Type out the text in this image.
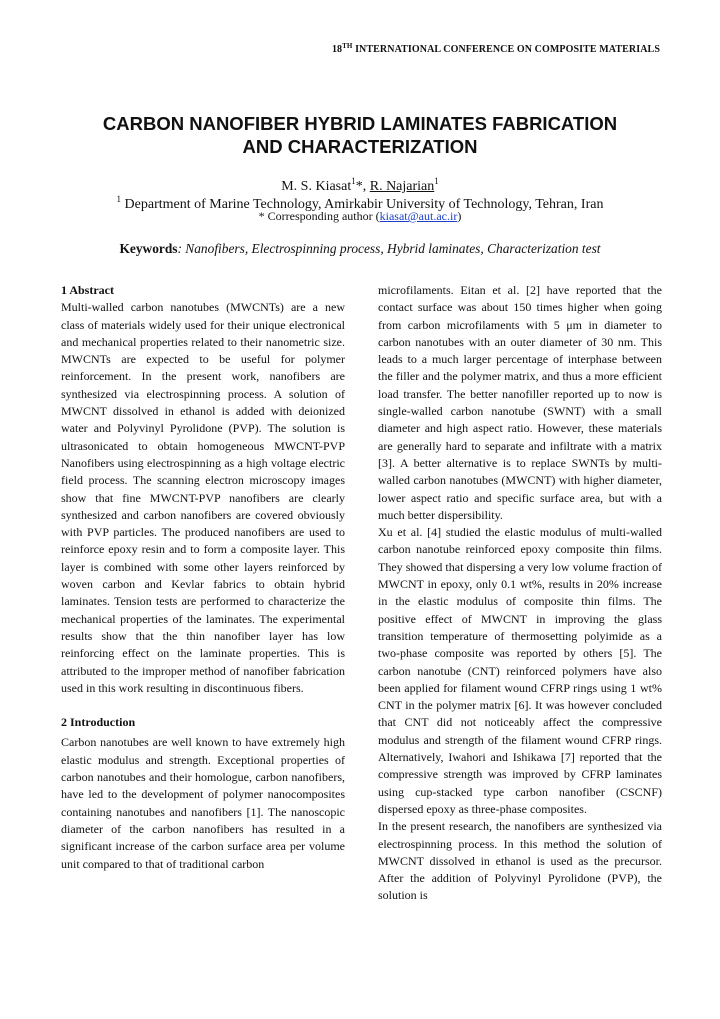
18TH INTERNATIONAL CONFERENCE ON COMPOSITE MATERIALS
CARBON NANOFIBER HYBRID LAMINATES FABRICATION
AND CHARACTERIZATION
M. S. Kiasat$^1$*, R. Najarian$^1$
$^1$ Department of Marine Technology, Amirkabir University of Technology, Tehran, Iran
* Corresponding author (kiasat@aut.ac.ir)
Keywords: Nanofibers, Electrospinning process, Hybrid laminates, Characterization test
1 Abstract

Multi-walled carbon nanotubes (MWCNTs) are a new class of materials widely used for their unique electronical and mechanical properties related to their nanometric size. MWCNTs are expected to be useful for polymer reinforcement. In the present work, nanofibers are synthesized via electrospinning process. A solution of MWCNT dissolved in ethanol is added with deionized water and Polyvinyl Pyrolidone (PVP). The solution is ultrasonicated to obtain homogeneous MWCNT-PVP Nanofibers using electrospinning as a high voltage electric field process. The scanning electron microscopy images show that fine MWCNT-PVP nanofibers are clearly synthesized and carbon nanofibers are covered obviously with PVP particles. The produced nanofibers are used to reinforce epoxy resin and to form a composite layer. This layer is combined with some other layers reinforced by woven carbon and Kevlar fabrics to obtain hybrid laminates. Tension tests are performed to characterize the mechanical properties of the laminates. The experimental results show that the thin nanofiber layer has low reinforcing effect on the laminate properties. This is attributed to the improper method of nanofiber fabrication used in this work resulting in discontinuous fibers.

2 Introduction

Carbon nanotubes are well known to have extremely high elastic modulus and strength. Exceptional properties of carbon nanotubes and their homologue, carbon nanofibers, have led to the development of polymer nanocomposites containing nanotubes and nanofibers [1]. The nanoscopic diameter of the carbon nanofibers has resulted in a significant increase of the carbon surface area per volume unit compared to that of traditional carbon

microfilaments. Eitan et al. [2] have reported that the contact surface was about 150 times higher when going from carbon microfilaments with 5 μm in diameter to carbon nanotubes with an outer diameter of 30 nm. This leads to a much larger percentage of interphase between the filler and the polymer matrix, and thus a more efficient load transfer. The better nanofiller reported up to now is single-walled carbon nanotube (SWNT) with a small diameter and high aspect ratio. However, these materials are generally hard to separate and infiltrate with a matrix [3]. A better alternative is to replace SWNTs by multi-walled carbon nanotubes (MWCNT) with higher diameter, lower aspect ratio and specific surface area, but with a much better dispersibility.

Xu et al. [4] studied the elastic modulus of multi-walled carbon nanotube reinforced epoxy composite thin films. They showed that dispersing a very low volume fraction of MWCNT in epoxy, only 0.1 wt%, results in 20% increase in the elastic modulus of composite thin films. The positive effect of MWCNT in improving the glass transition temperature of thermosetting polyimide as a two-phase composite was reported by others [5]. The carbon nanotube (CNT) reinforced polymers have also been applied for filament wound CFRP rings using 1 wt% CNT in the polymer matrix [6]. It was however concluded that CNT did not noticeably affect the compressive modulus and strength of the filament wound CFRP rings. Alternatively, Iwahori and Ishikawa [7] reported that the compressive strength was improved by CFRP laminates using cup-stacked type carbon nanofiber (CSCNF) dispersed epoxy as three-phase composites.

In the present research, the nanofibers are synthesized via electrospinning process. In this method the solution of MWCNT dissolved in ethanol is used as the precursor. After the addition of Polyvinyl Pyrolidone (PVP), the solution is
